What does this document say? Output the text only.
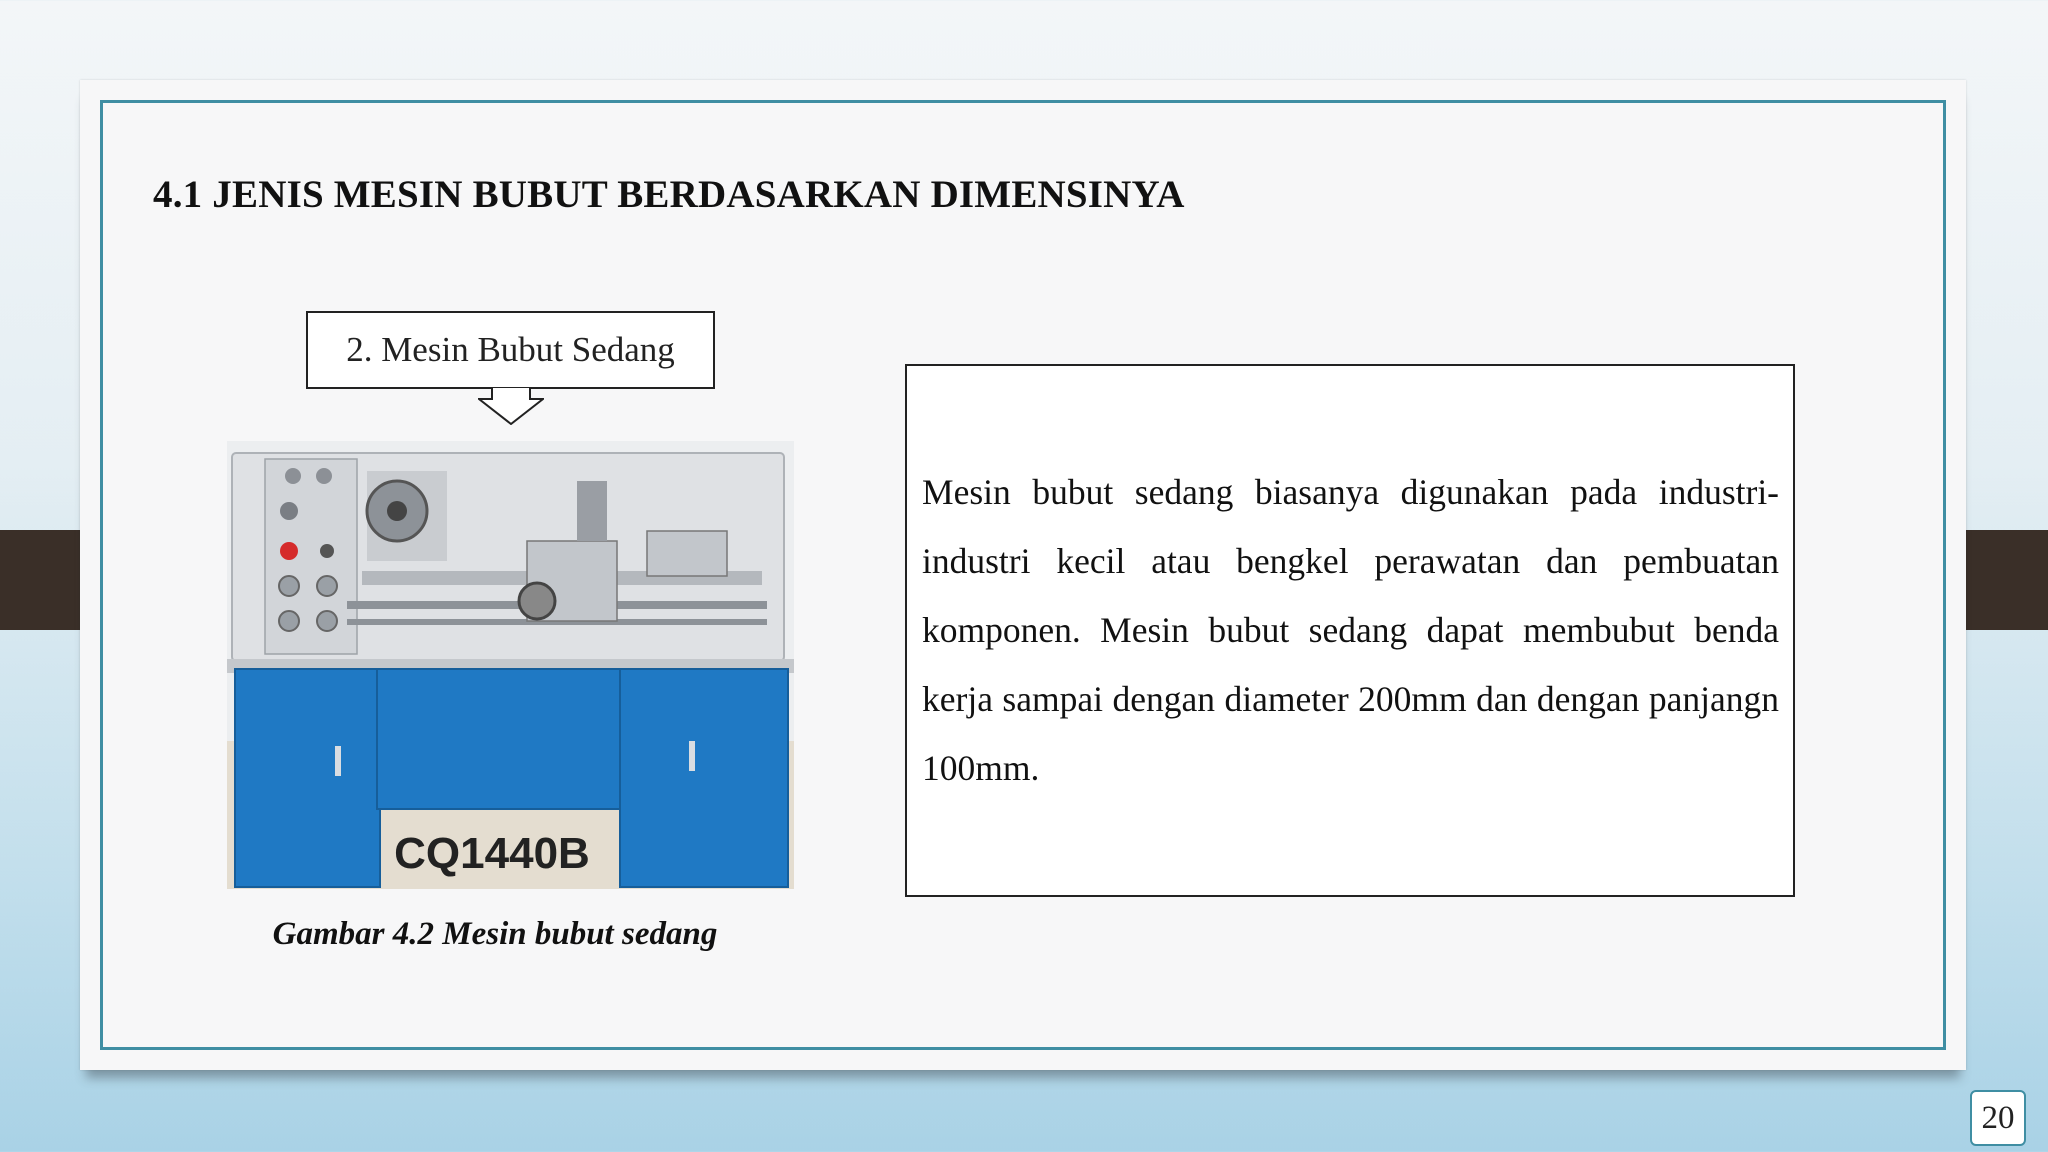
4.1 JENIS MESIN BUBUT BERDASARKAN DIMENSINYA
2. Mesin Bubut Sedang
CQ1440B
Gambar 4.2 Mesin bubut sedang

Mesin bubut sedang biasanya digunakan pada industri-industri kecil atau bengkel perawatan dan pembuatan komponen. Mesin bubut sedang dapat membubut benda kerja sampai dengan diameter 200mm dan dengan panjangn 100mm.

20
